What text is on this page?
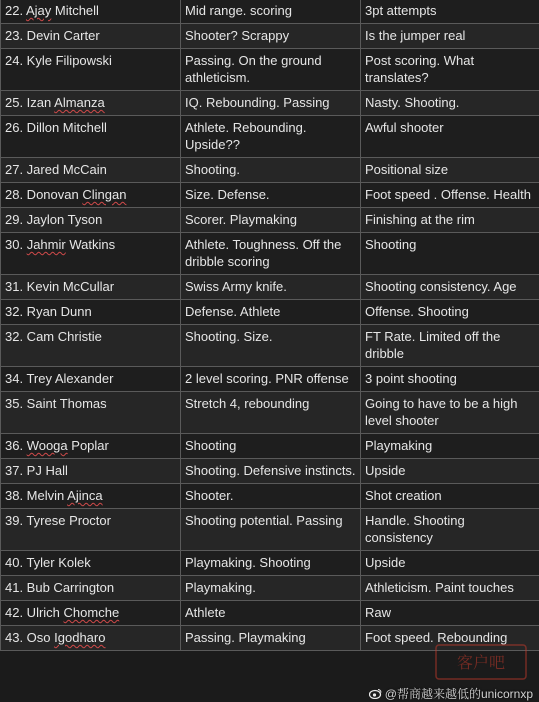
22. Ajay Mitchell	Mid range. scoring	3pt attempts
23. Devin Carter	Shooter? Scrappy	Is the jumper real
24. Kyle Filipowski	Passing. On the ground athleticism.	Post scoring. What translates?
25. Izan Almanza	IQ. Rebounding. Passing	Nasty. Shooting.
26. Dillon Mitchell	Athlete. Rebounding. Upside??	Awful shooter
27. Jared McCain	Shooting.	Positional size
28. Donovan Clingan	Size. Defense.	Foot speed . Offense. Health
29. Jaylon Tyson	Scorer. Playmaking	Finishing at the rim
30. Jahmir Watkins	Athlete. Toughness. Off the dribble scoring	Shooting
31. Kevin McCullar	Swiss Army knife.	Shooting consistency. Age
32. Ryan Dunn	Defense. Athlete	Offense. Shooting
32. Cam Christie	Shooting. Size.	FT Rate. Limited off the dribble
34. Trey Alexander	2 level scoring. PNR offense	3 point shooting
35. Saint Thomas	Stretch 4, rebounding	Going to have to be a high level shooter
36. Wooga Poplar	Shooting	Playmaking
37. PJ Hall	Shooting. Defensive instincts.	Upside
38. Melvin Ajinca	Shooter.	Shot creation
39. Tyrese Proctor	Shooting potential. Passing	Handle. Shooting consistency
40. Tyler Kolek	Playmaking. Shooting	Upside
41. Bub Carrington	Playmaking.	Athleticism. Paint touches
42. Ulrich Chomche	Athlete	Raw
43. Oso Igodharo	Passing. Playmaking	Foot speed. Rebounding
客户吧
@帮商越来越低的unicornxp
